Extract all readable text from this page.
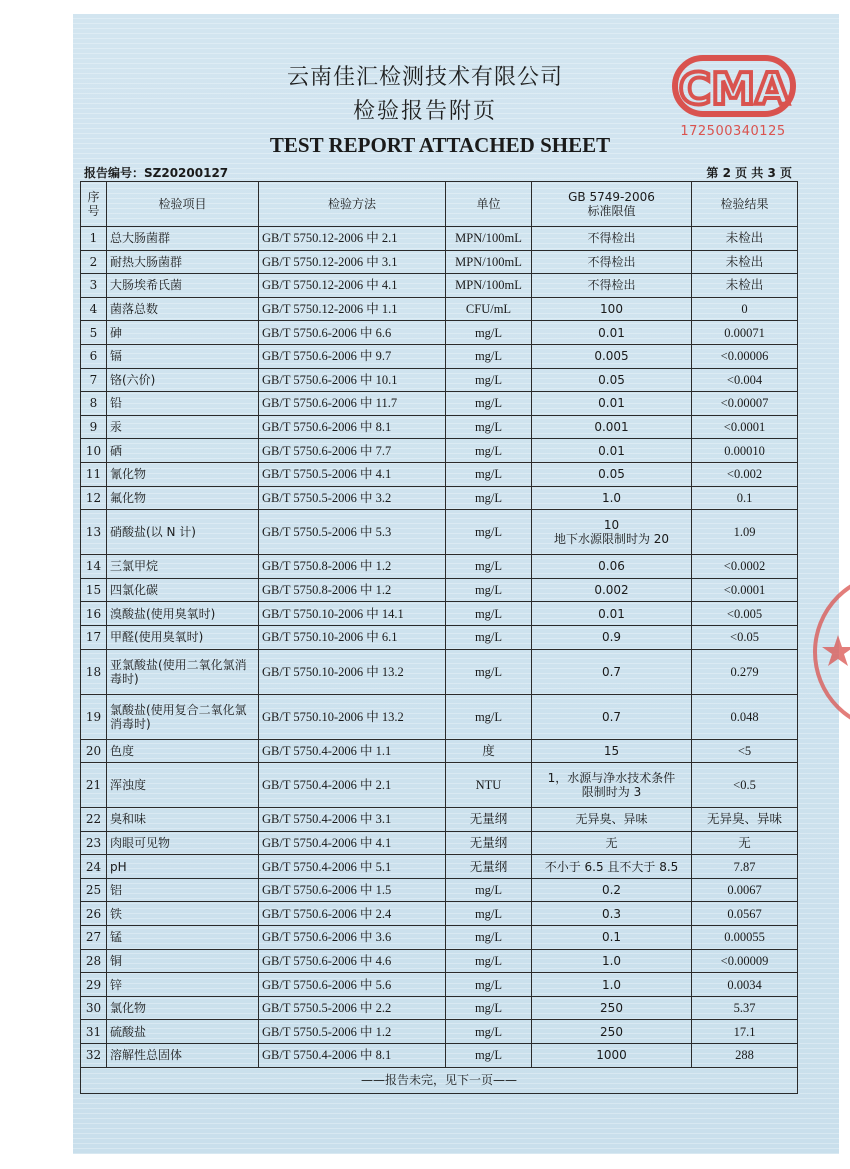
云南佳汇检测技术有限公司
检验报告附页
TEST REPORT ATTACHED SHEET
CMA
172500340125
报告编号：SZ20200127	第 2 页 共 3 页
序号	检验项目	检验方法	单位	GB 5749-2006
标准限值	检验结果
1	总大肠菌群	GB/T 5750.12-2006 中 2.1	MPN/100mL	不得检出	未检出
2	耐热大肠菌群	GB/T 5750.12-2006 中 3.1	MPN/100mL	不得检出	未检出
3	大肠埃希氏菌	GB/T 5750.12-2006 中 4.1	MPN/100mL	不得检出	未检出
4	菌落总数	GB/T 5750.12-2006 中 1.1	CFU/mL	100	0
5	砷	GB/T 5750.6-2006 中 6.6	mg/L	0.01	0.00071
6	镉	GB/T 5750.6-2006 中 9.7	mg/L	0.005	<0.00006
7	铬(六价)	GB/T 5750.6-2006 中 10.1	mg/L	0.05	<0.004
8	铅	GB/T 5750.6-2006 中 11.7	mg/L	0.01	<0.00007
9	汞	GB/T 5750.6-2006 中 8.1	mg/L	0.001	<0.0001
10	硒	GB/T 5750.6-2006 中 7.7	mg/L	0.01	0.00010
11	氰化物	GB/T 5750.5-2006 中 4.1	mg/L	0.05	<0.002
12	氟化物	GB/T 5750.5-2006 中 3.2	mg/L	1.0	0.1
13	硝酸盐(以 N 计)	GB/T 5750.5-2006 中 5.3	mg/L	10
地下水源限制时为 20	1.09
14	三氯甲烷	GB/T 5750.8-2006 中 1.2	mg/L	0.06	<0.0002
15	四氯化碳	GB/T 5750.8-2006 中 1.2	mg/L	0.002	<0.0001
16	溴酸盐(使用臭氧时)	GB/T 5750.10-2006 中 14.1	mg/L	0.01	<0.005
17	甲醛(使用臭氧时)	GB/T 5750.10-2006 中 6.1	mg/L	0.9	<0.05
18	亚氯酸盐(使用二氧化氯消毒时)	GB/T 5750.10-2006 中 13.2	mg/L	0.7	0.279
19	氯酸盐(使用复合二氧化氯消毒时)	GB/T 5750.10-2006 中 13.2	mg/L	0.7	0.048
20	色度	GB/T 5750.4-2006 中 1.1	度	15	<5
21	浑浊度	GB/T 5750.4-2006 中 2.1	NTU	1，水源与净水技术条件
限制时为 3	<0.5
22	臭和味	GB/T 5750.4-2006 中 3.1	无量纲	无异臭、异味	无异臭、异味
23	肉眼可见物	GB/T 5750.4-2006 中 4.1	无量纲	无	无
24	pH	GB/T 5750.4-2006 中 5.1	无量纲	不小于 6.5 且不大于 8.5	7.87
25	铝	GB/T 5750.6-2006 中 1.5	mg/L	0.2	0.0067
26	铁	GB/T 5750.6-2006 中 2.4	mg/L	0.3	0.0567
27	锰	GB/T 5750.6-2006 中 3.6	mg/L	0.1	0.00055
28	铜	GB/T 5750.6-2006 中 4.6	mg/L	1.0	<0.00009
29	锌	GB/T 5750.6-2006 中 5.6	mg/L	1.0	0.0034
30	氯化物	GB/T 5750.5-2006 中 2.2	mg/L	250	5.37
31	硫酸盐	GB/T 5750.5-2006 中 1.2	mg/L	250	17.1
32	溶解性总固体	GB/T 5750.4-2006 中 8.1	mg/L	1000	288
——报告未完，见下一页——					
